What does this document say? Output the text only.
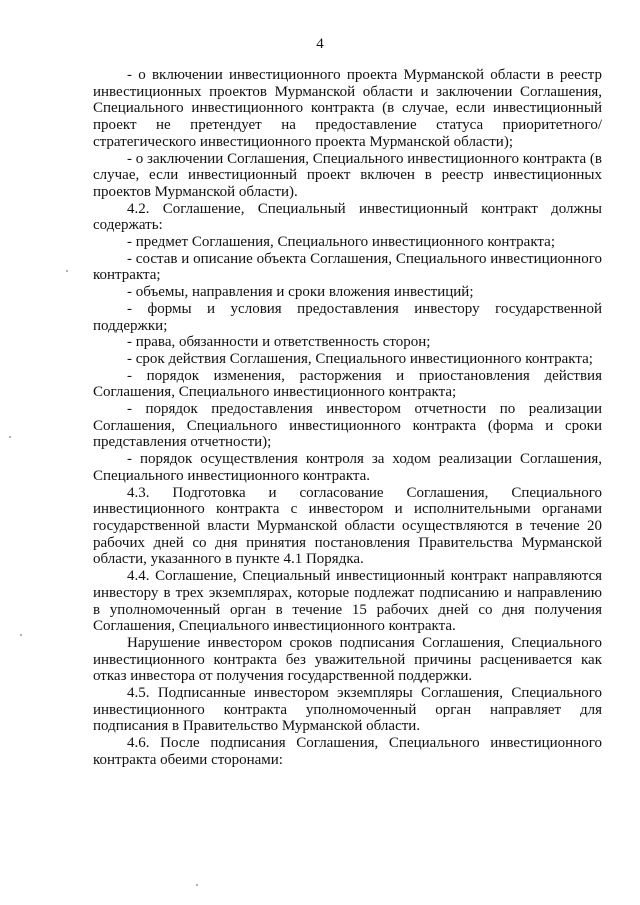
4

- о включении инвестиционного проекта Мурманской области в реестр инвестиционных проектов Мурманской области и заключении Соглашения, Специального инвестиционного контракта (в случае, если инвестиционный проект не претендует на предоставление статуса приоритетного/стратегического инвестиционного проекта Мурманской области);

- о заключении Соглашения, Специального инвестиционного контракта (в случае, если инвестиционный проект включен в реестр инвестиционных проектов Мурманской области).

4.2. Соглашение, Специальный инвестиционный контракт должны содержать:

- предмет Соглашения, Специального инвестиционного контракта;

- состав и описание объекта Соглашения, Специального инвестиционного контракта;

- объемы, направления и сроки вложения инвестиций;

- формы и условия предоставления инвестору государственной поддержки;

- права, обязанности и ответственность сторон;

- срок действия Соглашения, Специального инвестиционного контракта;

- порядок изменения, расторжения и приостановления действия Соглашения, Специального инвестиционного контракта;

- порядок предоставления инвестором отчетности по реализации Соглашения, Специального инвестиционного контракта (форма и сроки представления отчетности);

- порядок осуществления контроля за ходом реализации Соглашения, Специального инвестиционного контракта.

4.3. Подготовка и согласование Соглашения, Специального инвестиционного контракта с инвестором и исполнительными органами государственной власти Мурманской области осуществляются в течение 20 рабочих дней со дня принятия постановления Правительства Мурманской области, указанного в пункте 4.1 Порядка.

4.4. Соглашение, Специальный инвестиционный контракт направляются инвестору в трех экземплярах, которые подлежат подписанию и направлению в уполномоченный орган в течение 15 рабочих дней со дня получения Соглашения, Специального инвестиционного контракта.

Нарушение инвестором сроков подписания Соглашения, Специального инвестиционного контракта без уважительной причины расценивается как отказ инвестора от получения государственной поддержки.

4.5. Подписанные инвестором экземпляры Соглашения, Специального инвестиционного контракта уполномоченный орган направляет для подписания в Правительство Мурманской области.

4.6. После подписания Соглашения, Специального инвестиционного контракта обеими сторонами:
